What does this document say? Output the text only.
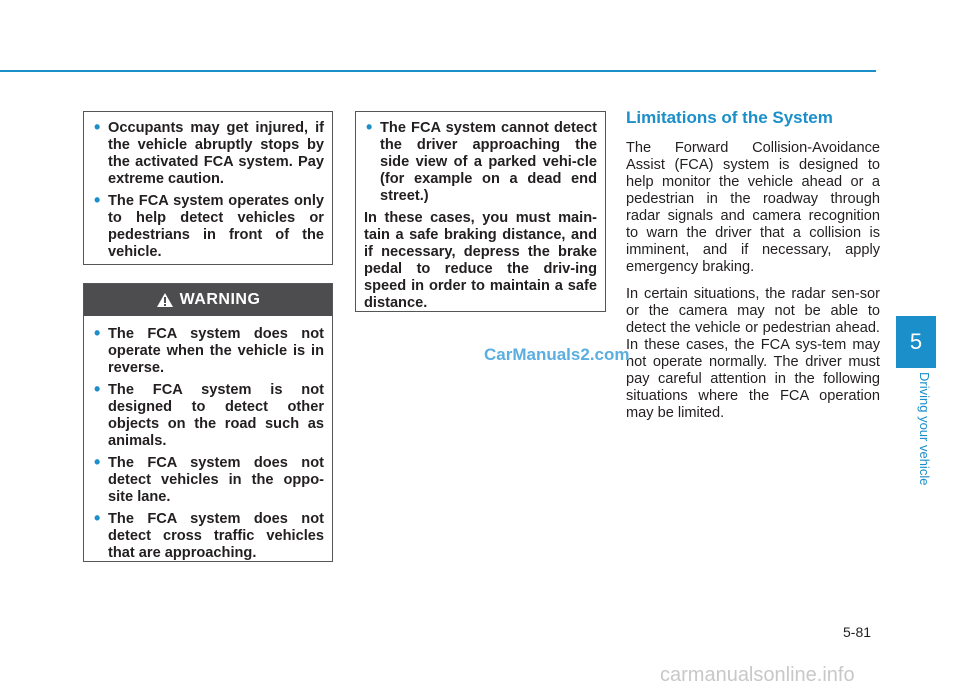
• Occupants may get injured, if the vehicle abruptly stops by the activated FCA system. Pay extreme caution.
• The FCA system operates only to help detect vehicles or pedestrians in front of the vehicle.
WARNING
• The FCA system does not operate when the vehicle is in reverse.
• The FCA system is not designed to detect other objects on the road such as animals.
• The FCA system does not detect vehicles in the oppo-site lane.
• The FCA system does not detect cross traffic vehicles that are approaching.
• The FCA system cannot detect the driver approaching the side view of a parked vehi-cle (for example on a dead end street.)

In these cases, you must main-tain a safe braking distance, and if necessary, depress the brake pedal to reduce the driv-ing speed in order to maintain a safe distance.

Limitations of the System

The Forward Collision-Avoidance Assist (FCA) system is designed to help monitor the vehicle ahead or a pedestrian in the roadway through radar signals and camera recognition to warn the driver that a collision is imminent, and if necessary, apply emergency braking.

In certain situations, the radar sen-sor or the camera may not be able to detect the vehicle or pedestrian ahead. In these cases, the FCA sys-tem may not operate normally. The driver must pay careful attention in the following situations where the FCA operation may be limited.

CarManuals2.com
5
Driving your vehicle
5-81
carmanualsonline.info
